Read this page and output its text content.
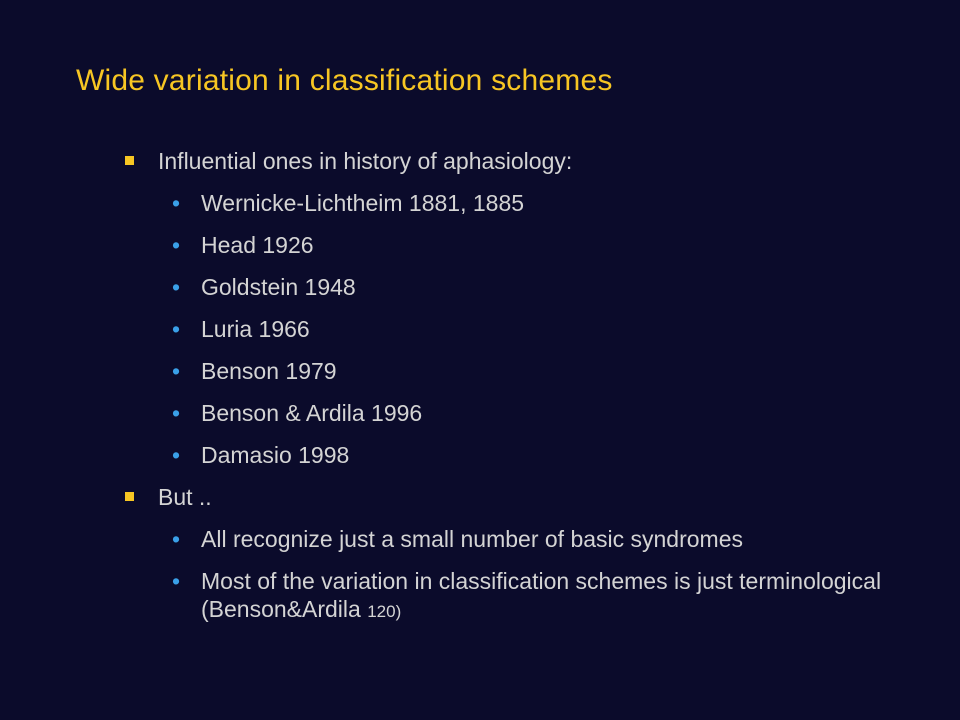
Wide variation in classification schemes
Influential ones in history of aphasiology:
• Wernicke-Lichtheim 1881, 1885
• Head 1926
• Goldstein 1948
• Luria 1966
• Benson 1979
• Benson & Ardila 1996
• Damasio 1998
But ..
• All recognize just a small number of basic syndromes
• Most of the variation in classification schemes is just terminological (Benson&Ardila 120)
